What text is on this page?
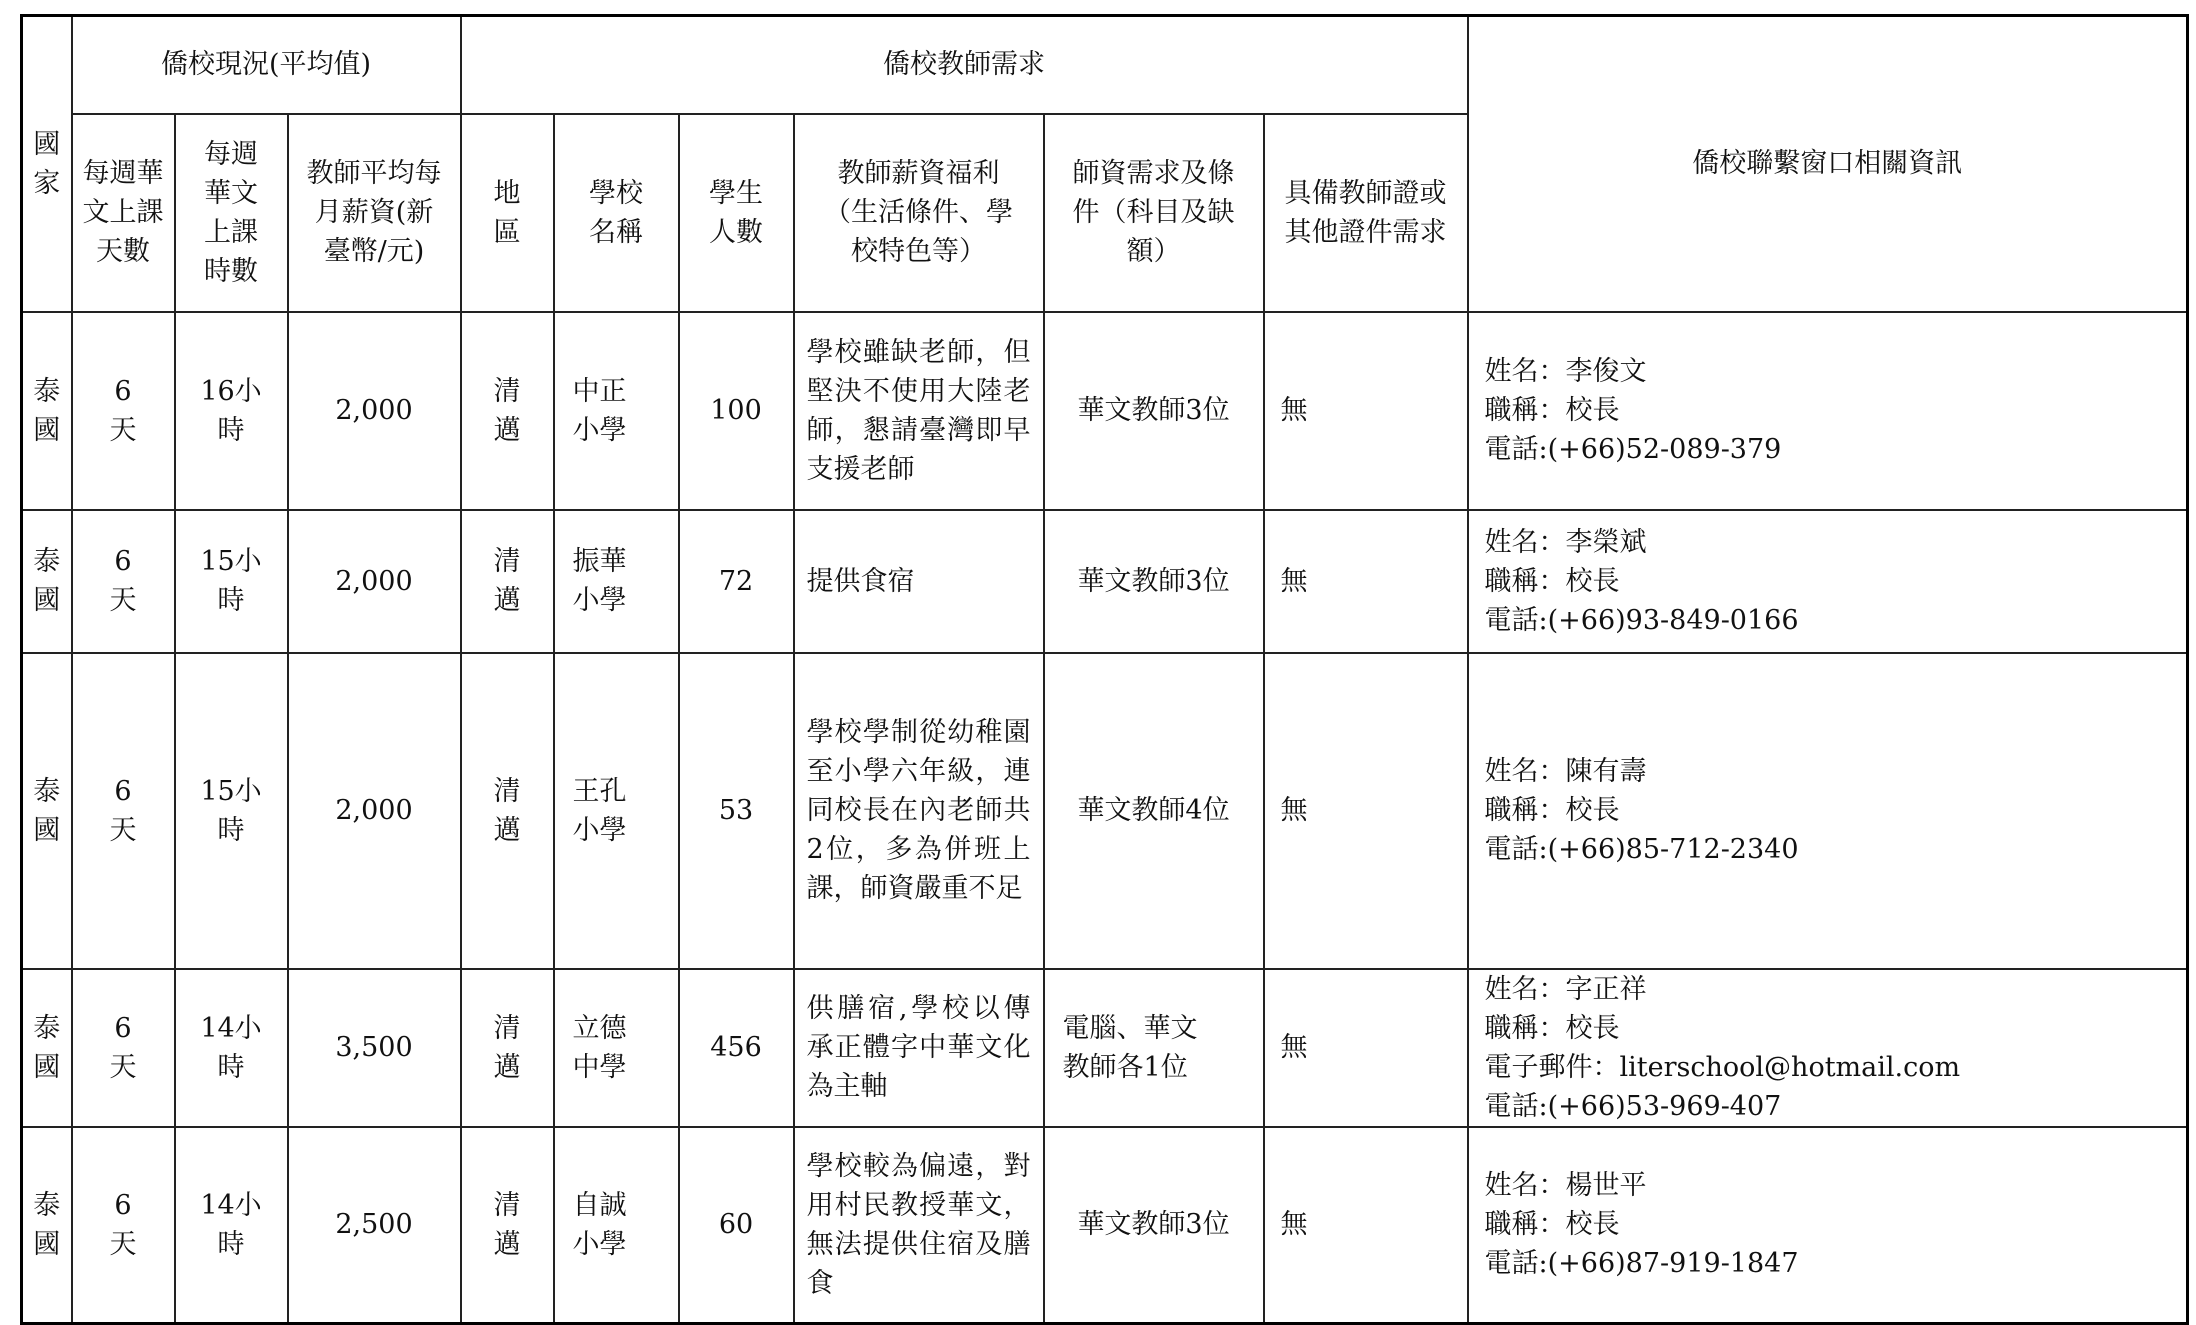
國家	僑校現況(平均值)			僑校教師需求						僑校聯繫窗口相關資訊
	每週華文上課天數	每週華文上課時數	教師平均每月薪資(新臺幣/元)	地區	學校名稱	學生人數	教師薪資福利（生活條件、學校特色等）	師資需求及條件（科目及缺額）	具備教師證或其他證件需求	
泰國	6天	16小時	2,000	清邁	中正小學	100	學校雖缺老師，但堅決不使用大陸老師，懇請臺灣即早支援老師	華文教師3位	無	姓名：李俊文
職稱：校長
電話:(+66)52-089-379

泰國	6天	15小時	2,000	清邁	振華小學	72	提供食宿	華文教師3位	無	姓名：李榮斌
職稱：校長
電話:(+66)93-849-0166

泰國	6天	15小時	2,000	清邁	王孔小學	53	學校學制從幼稚園至小學六年級，連同校長在內老師共2位，多為併班上課，師資嚴重不足	華文教師4位	無	姓名：陳有壽
職稱：校長
電話:(+66)85-712-2340

泰國	6天	14小時	3,500	清邁	立德中學	456	供膳宿,學校以傳承正體字中華文化為主軸	電腦、華文教師各1位	無	姓名：字正祥
職稱：校長
電子郵件：literschool@hotmail.com
電話:(+66)53-969-407

泰國	6天	14小時	2,500	清邁	自誠小學	60	學校較為偏遠，對用村民教授華文，無法提供住宿及膳食	華文教師3位	無	姓名：楊世平
職稱：校長
電話:(+66)87-919-1847
